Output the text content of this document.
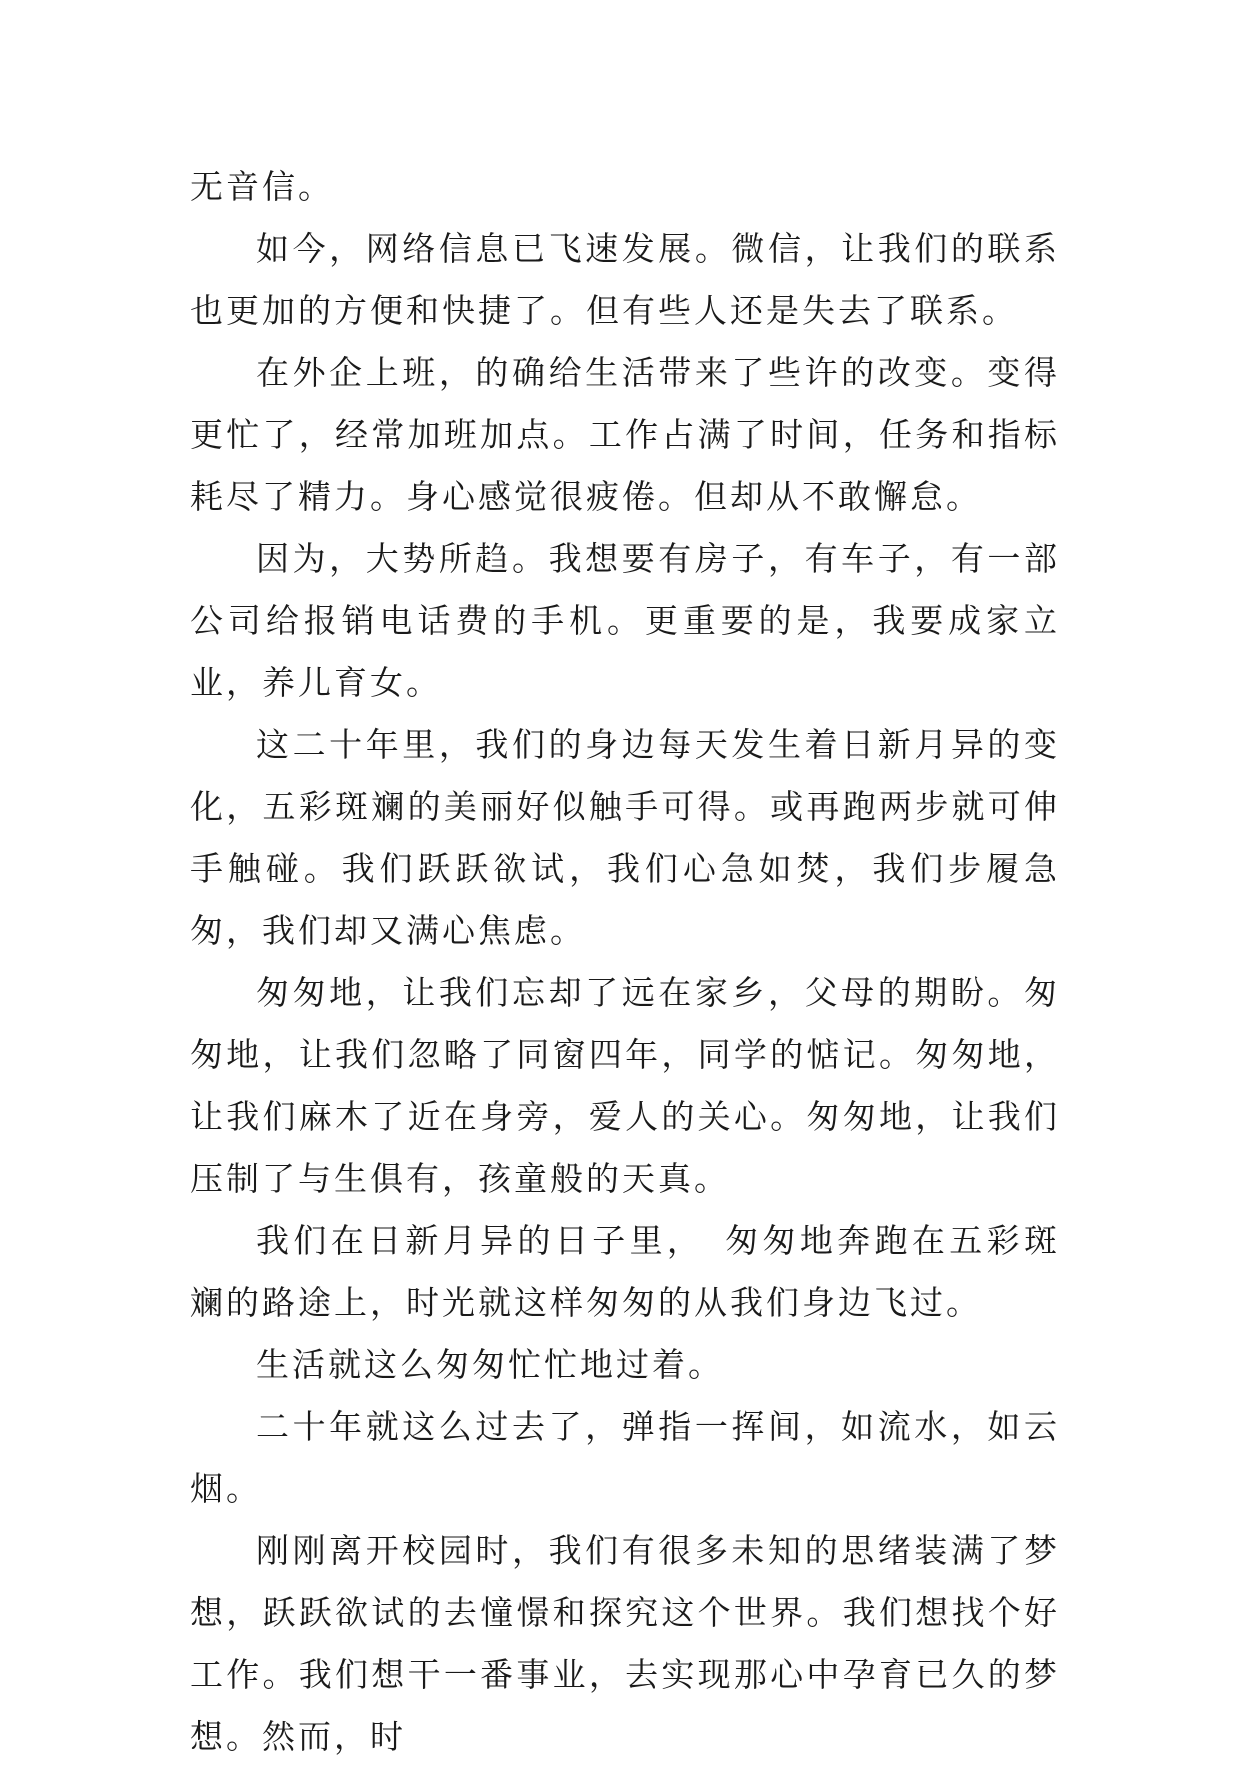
无音信。

如今，网络信息已飞速发展。微信，让我们的联系也更加的方便和快捷了。但有些人还是失去了联系。

在外企上班，的确给生活带来了些许的改变。变得更忙了，经常加班加点。工作占满了时间，任务和指标耗尽了精力。身心感觉很疲倦。但却从不敢懈怠。

因为，大势所趋。我想要有房子，有车子，有一部公司给报销电话费的手机。更重要的是，我要成家立业，养儿育女。

这二十年里，我们的身边每天发生着日新月异的变化，五彩斑斓的美丽好似触手可得。或再跑两步就可伸手触碰。我们跃跃欲试，我们心急如焚，我们步履急匆，我们却又满心焦虑。

匆匆地，让我们忘却了远在家乡，父母的期盼。匆匆地，让我们忽略了同窗四年，同学的惦记。匆匆地，让我们麻木了近在身旁，爱人的关心。匆匆地，让我们压制了与生俱有，孩童般的天真。

我们在日新月异的日子里，　匆匆地奔跑在五彩斑斓的路途上，时光就这样匆匆的从我们身边飞过。

生活就这么匆匆忙忙地过着。

二十年就这么过去了，弹指一挥间，如流水，如云烟。

刚刚离开校园时，我们有很多未知的思绪装满了梦想，跃跃欲试的去憧憬和探究这个世界。我们想找个好工作。我们想干一番事业，去实现那心中孕育已久的梦想。然而，时
